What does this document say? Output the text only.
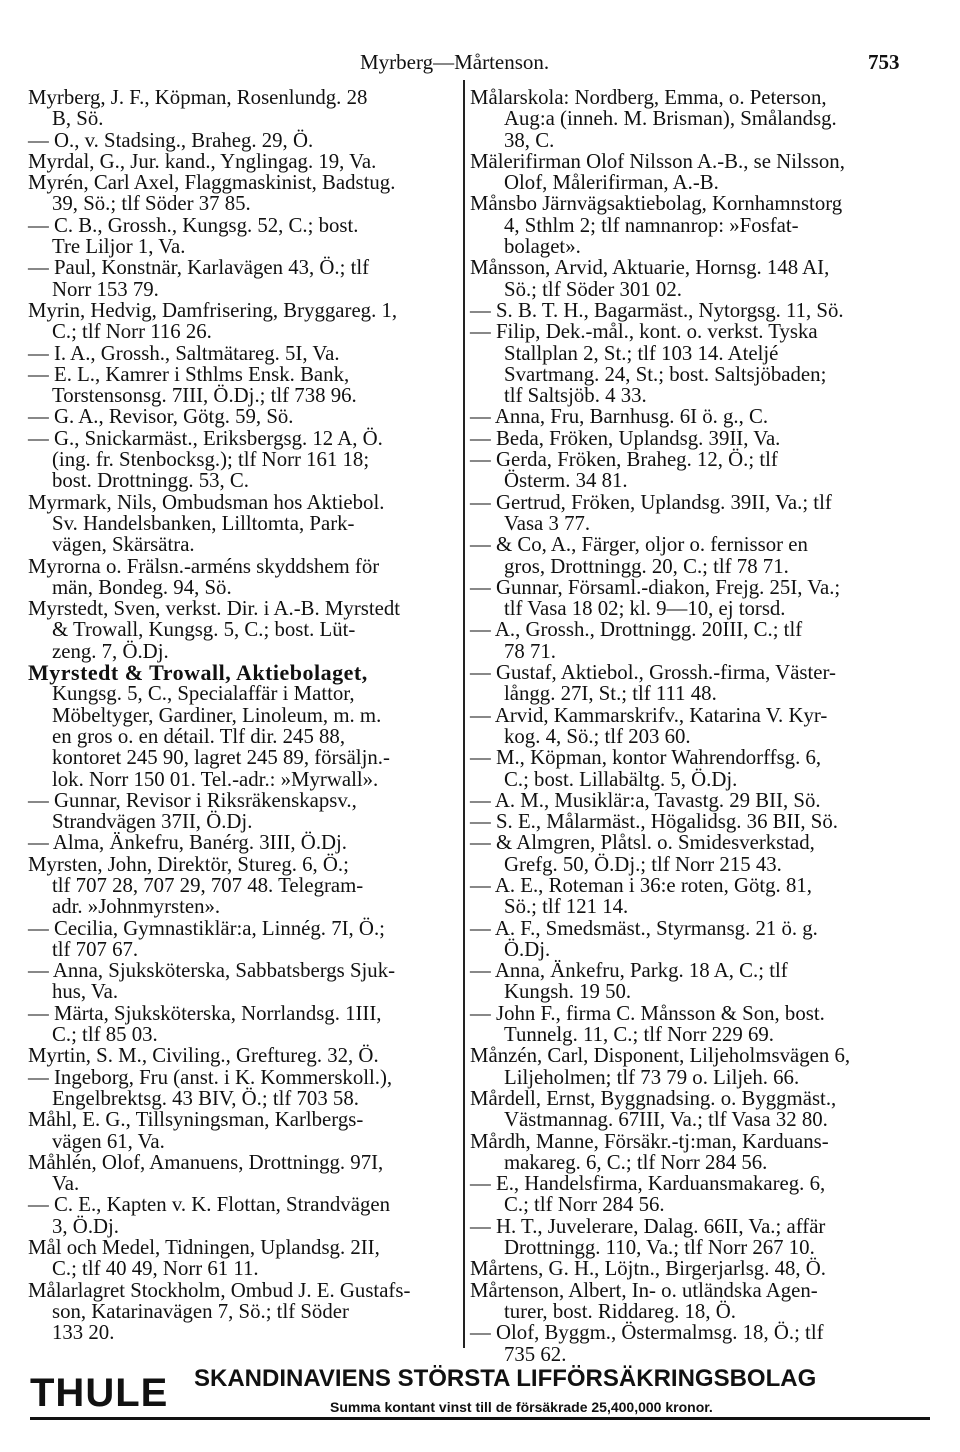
Myrberg—Mårtenson.	753
Myrberg, J. F., Köpman, Rosenlundg. 28
B, Sö.
— O., v. Stadsing., Braheg. 29, Ö.
Myrdal, G., Jur. kand., Ynglingag. 19, Va.
Myrén, Carl Axel, Flaggmaskinist, Badstug.
39, Sö.; tlf Söder 37 85.
— C. B., Grossh., Kungsg. 52, C.; bost.
Tre Liljor 1, Va.
— Paul, Konstnär, Karlavägen 43, Ö.; tlf
Norr 153 79.
Myrin, Hedvig, Damfrisering, Bryggareg. 1,
C.; tlf Norr 116 26.
— I. A., Grossh., Saltmätareg. 5I, Va.
— E. L., Kamrer i Sthlms Ensk. Bank,
Torstensonsg. 7III, Ö.Dj.; tlf 738 96.
— G. A., Revisor, Götg. 59, Sö.
— G., Snickarmäst., Eriksbergsg. 12 A, Ö.
(ing. fr. Stenbocksg.); tlf Norr 161 18;
bost. Drottningg. 53, C.
Myrmark, Nils, Ombudsman hos Aktiebol.
Sv. Handelsbanken, Lilltomta, Park-
vägen, Skärsätra.
Myrorna o. Frälsn.-arméns skyddshem för
män, Bondeg. 94, Sö.
Myrstedt, Sven, verkst. Dir. i A.-B. Myrstedt
& Trowall, Kungsg. 5, C.; bost. Lüt-
zeng. 7, Ö.Dj.
Myrstedt & Trowall, Aktiebolaget,
Kungsg. 5, C., Specialaffär i Mattor,
Möbeltyger, Gardiner, Linoleum, m. m.
en gros o. en détail. Tlf dir. 245 88,
kontoret 245 90, lagret 245 89, försäljn.-
lok. Norr 150 01. Tel.-adr.: »Myrwall».
— Gunnar, Revisor i Riksräkenskapsv.,
Strandvägen 37II, Ö.Dj.
— Alma, Änkefru, Banérg. 3III, Ö.Dj.
Myrsten, John, Direktör, Stureg. 6, Ö.;
tlf 707 28, 707 29, 707 48. Telegram-
adr. »Johnmyrsten».
— Cecilia, Gymnastiklär:a, Linnég. 7I, Ö.;
tlf 707 67.
— Anna, Sjuksköterska, Sabbatsbergs Sjuk-
hus, Va.
— Märta, Sjuksköterska, Norrlandsg. 1III,
C.; tlf 85 03.
Myrtin, S. M., Civiling., Greftureg. 32, Ö.
— Ingeborg, Fru (anst. i K. Kommerskoll.),
Engelbrektsg. 43 BIV, Ö.; tlf 703 58.
Måhl, E. G., Tillsyningsman, Karlbergs-
vägen 61, Va.
Måhlén, Olof, Amanuens, Drottningg. 97I,
Va.
— C. E., Kapten v. K. Flottan, Strandvägen
3, Ö.Dj.
Mål och Medel, Tidningen, Uplandsg. 2II,
C.; tlf 40 49, Norr 61 11.
Målarlagret Stockholm, Ombud J. E. Gustafs-
son, Katarinavägen 7, Sö.; tlf Söder
133 20.
Målarskola: Nordberg, Emma, o. Peterson,
Aug:a (inneh. M. Brisman), Smålandsg.
38, C.
Mälerifirman Olof Nilsson A.-B., se Nilsson,
Olof, Målerifirman, A.-B.
Månsbo Järnvägsaktiebolag, Kornhamnstorg
4, Sthlm 2; tlf namnanrop: »Fosfat-
bolaget».
Månsson, Arvid, Aktuarie, Hornsg. 148 AI,
Sö.; tlf Söder 301 02.
— S. B. T. H., Bagarmäst., Nytorgsg. 11, Sö.
— Filip, Dek.-mål., kont. o. verkst. Tyska
Stallplan 2, St.; tlf 103 14. Ateljé
Svartmang. 24, St.; bost. Saltsjöbaden;
tlf Saltsjöb. 4 33.
— Anna, Fru, Barnhusg. 6I ö. g., C.
— Beda, Fröken, Uplandsg. 39II, Va.
— Gerda, Fröken, Braheg. 12, Ö.; tlf
Österm. 34 81.
— Gertrud, Fröken, Uplandsg. 39II, Va.; tlf
Vasa 3 77.
— & Co, A., Färger, oljor o. fernissor en
gros, Drottningg. 20, C.; tlf 78 71.
— Gunnar, Församl.-diakon, Frejg. 25I, Va.;
tlf Vasa 18 02; kl. 9—10, ej torsd.
— A., Grossh., Drottningg. 20III, C.; tlf
78 71.
— Gustaf, Aktiebol., Grossh.-firma, Väster-
långg. 27I, St.; tlf 111 48.
— Arvid, Kammarskrifv., Katarina V. Kyr-
kog. 4, Sö.; tlf 203 60.
— M., Köpman, kontor Wahrendorffsg. 6,
C.; bost. Lillabältg. 5, Ö.Dj.
— A. M., Musiklär:a, Tavastg. 29 BII, Sö.
— S. E., Målarmäst., Högalidsg. 36 BII, Sö.
— & Almgren, Plåtsl. o. Smidesverkstad,
Grefg. 50, Ö.Dj.; tlf Norr 215 43.
— A. E., Roteman i 36:e roten, Götg. 81,
Sö.; tlf 121 14.
— A. F., Smedsmäst., Styrmansg. 21 ö. g.
Ö.Dj.
— Anna, Änkefru, Parkg. 18 A, C.; tlf
Kungsh. 19 50.
— John F., firma C. Månsson & Son, bost.
Tunnelg. 11, C.; tlf Norr 229 69.
Månzén, Carl, Disponent, Liljeholmsvägen 6,
Liljeholmen; tlf 73 79 o. Liljeh. 66.
Mårdell, Ernst, Byggnadsing. o. Byggmäst.,
Västmannag. 67III, Va.; tlf Vasa 32 80.
Mårdh, Manne, Försäkr.-tj:man, Karduans-
makareg. 6, C.; tlf Norr 284 56.
— E., Handelsfirma, Karduansmakareg. 6,
C.; tlf Norr 284 56.
— H. T., Juvelerare, Dalag. 66II, Va.; affär
Drottningg. 110, Va.; tlf Norr 267 10.
Mårtens, G. H., Löjtn., Birgerjarlsg. 48, Ö.
Mårtenson, Albert, In- o. utländska Agen-
turer, bost. Riddareg. 18, Ö.
— Olof, Byggm., Östermalmsg. 18, Ö.; tlf
735 62.
THULE SKANDINAVIENS STÖRSTA LIFFÖRSÄKRINGSBOLAG
Summa kontant vinst till de försäkrade 25,400,000 kronor.
